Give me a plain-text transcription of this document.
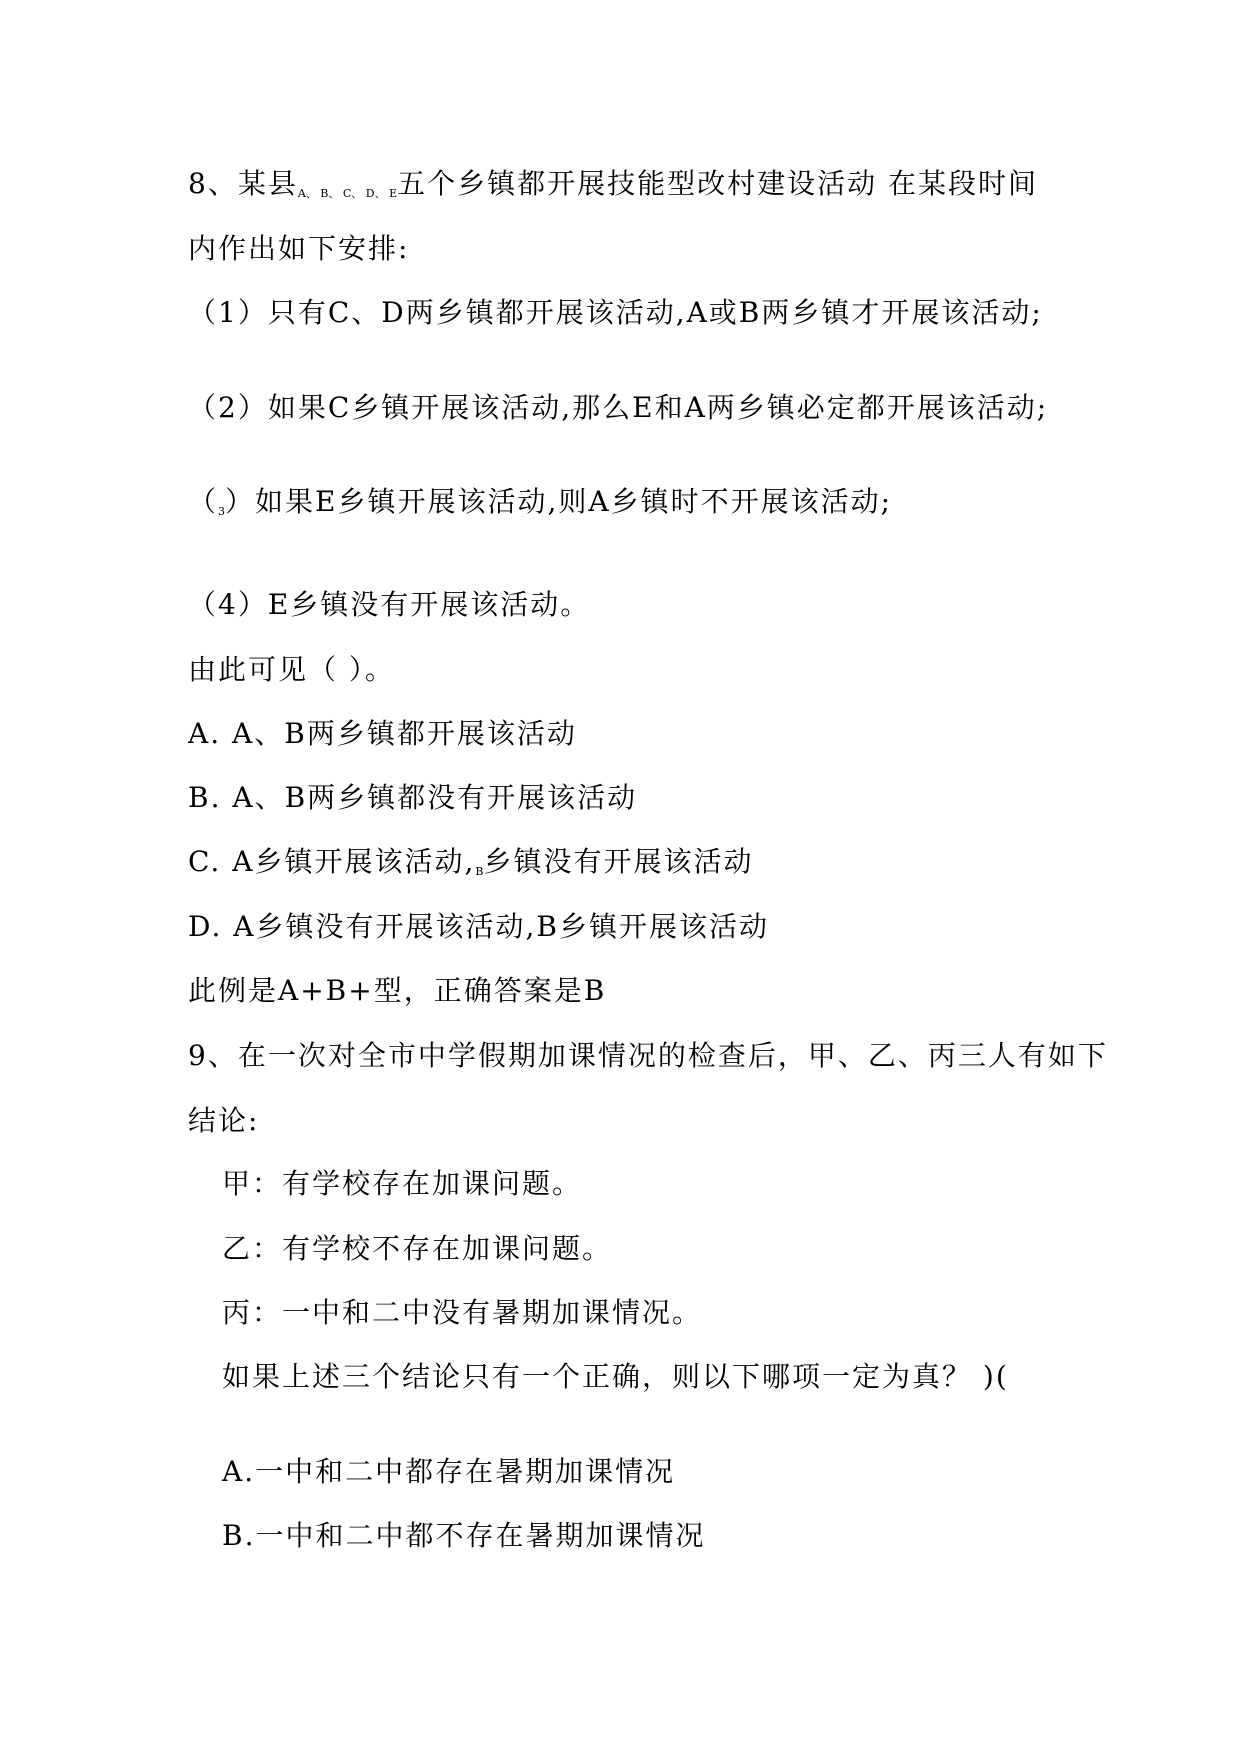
8、某县A、 B、 C、 D、 E五个乡镇都开展技能型改村建设活动 在某段时间
内作出如下安排:
（1）只有C、D两乡镇都开展该活动,A或B两乡镇才开展该活动;
（2）如果C乡镇开展该活动,那么E和A两乡镇必定都开展该活动;
（3）如果E乡镇开展该活动,则A乡镇时不开展该活动;
（4）E乡镇没有开展该活动。
由此可见（ ）。
A. A、B两乡镇都开展该活动
B. A、B两乡镇都没有开展该活动
C. A乡镇开展该活动,B乡镇没有开展该活动
D. A乡镇没有开展该活动,B乡镇开展该活动
此例是A+B+型，正确答案是B
9、在一次对全市中学假期加课情况的检查后，甲、乙、丙三人有如下
结论:
甲：有学校存在加课问题。
乙：有学校不存在加课问题。
丙：一中和二中没有暑期加课情况。
如果上述三个结论只有一个正确，则以下哪项一定为真？ )(
A.一中和二中都存在暑期加课情况
B.一中和二中都不存在暑期加课情况
